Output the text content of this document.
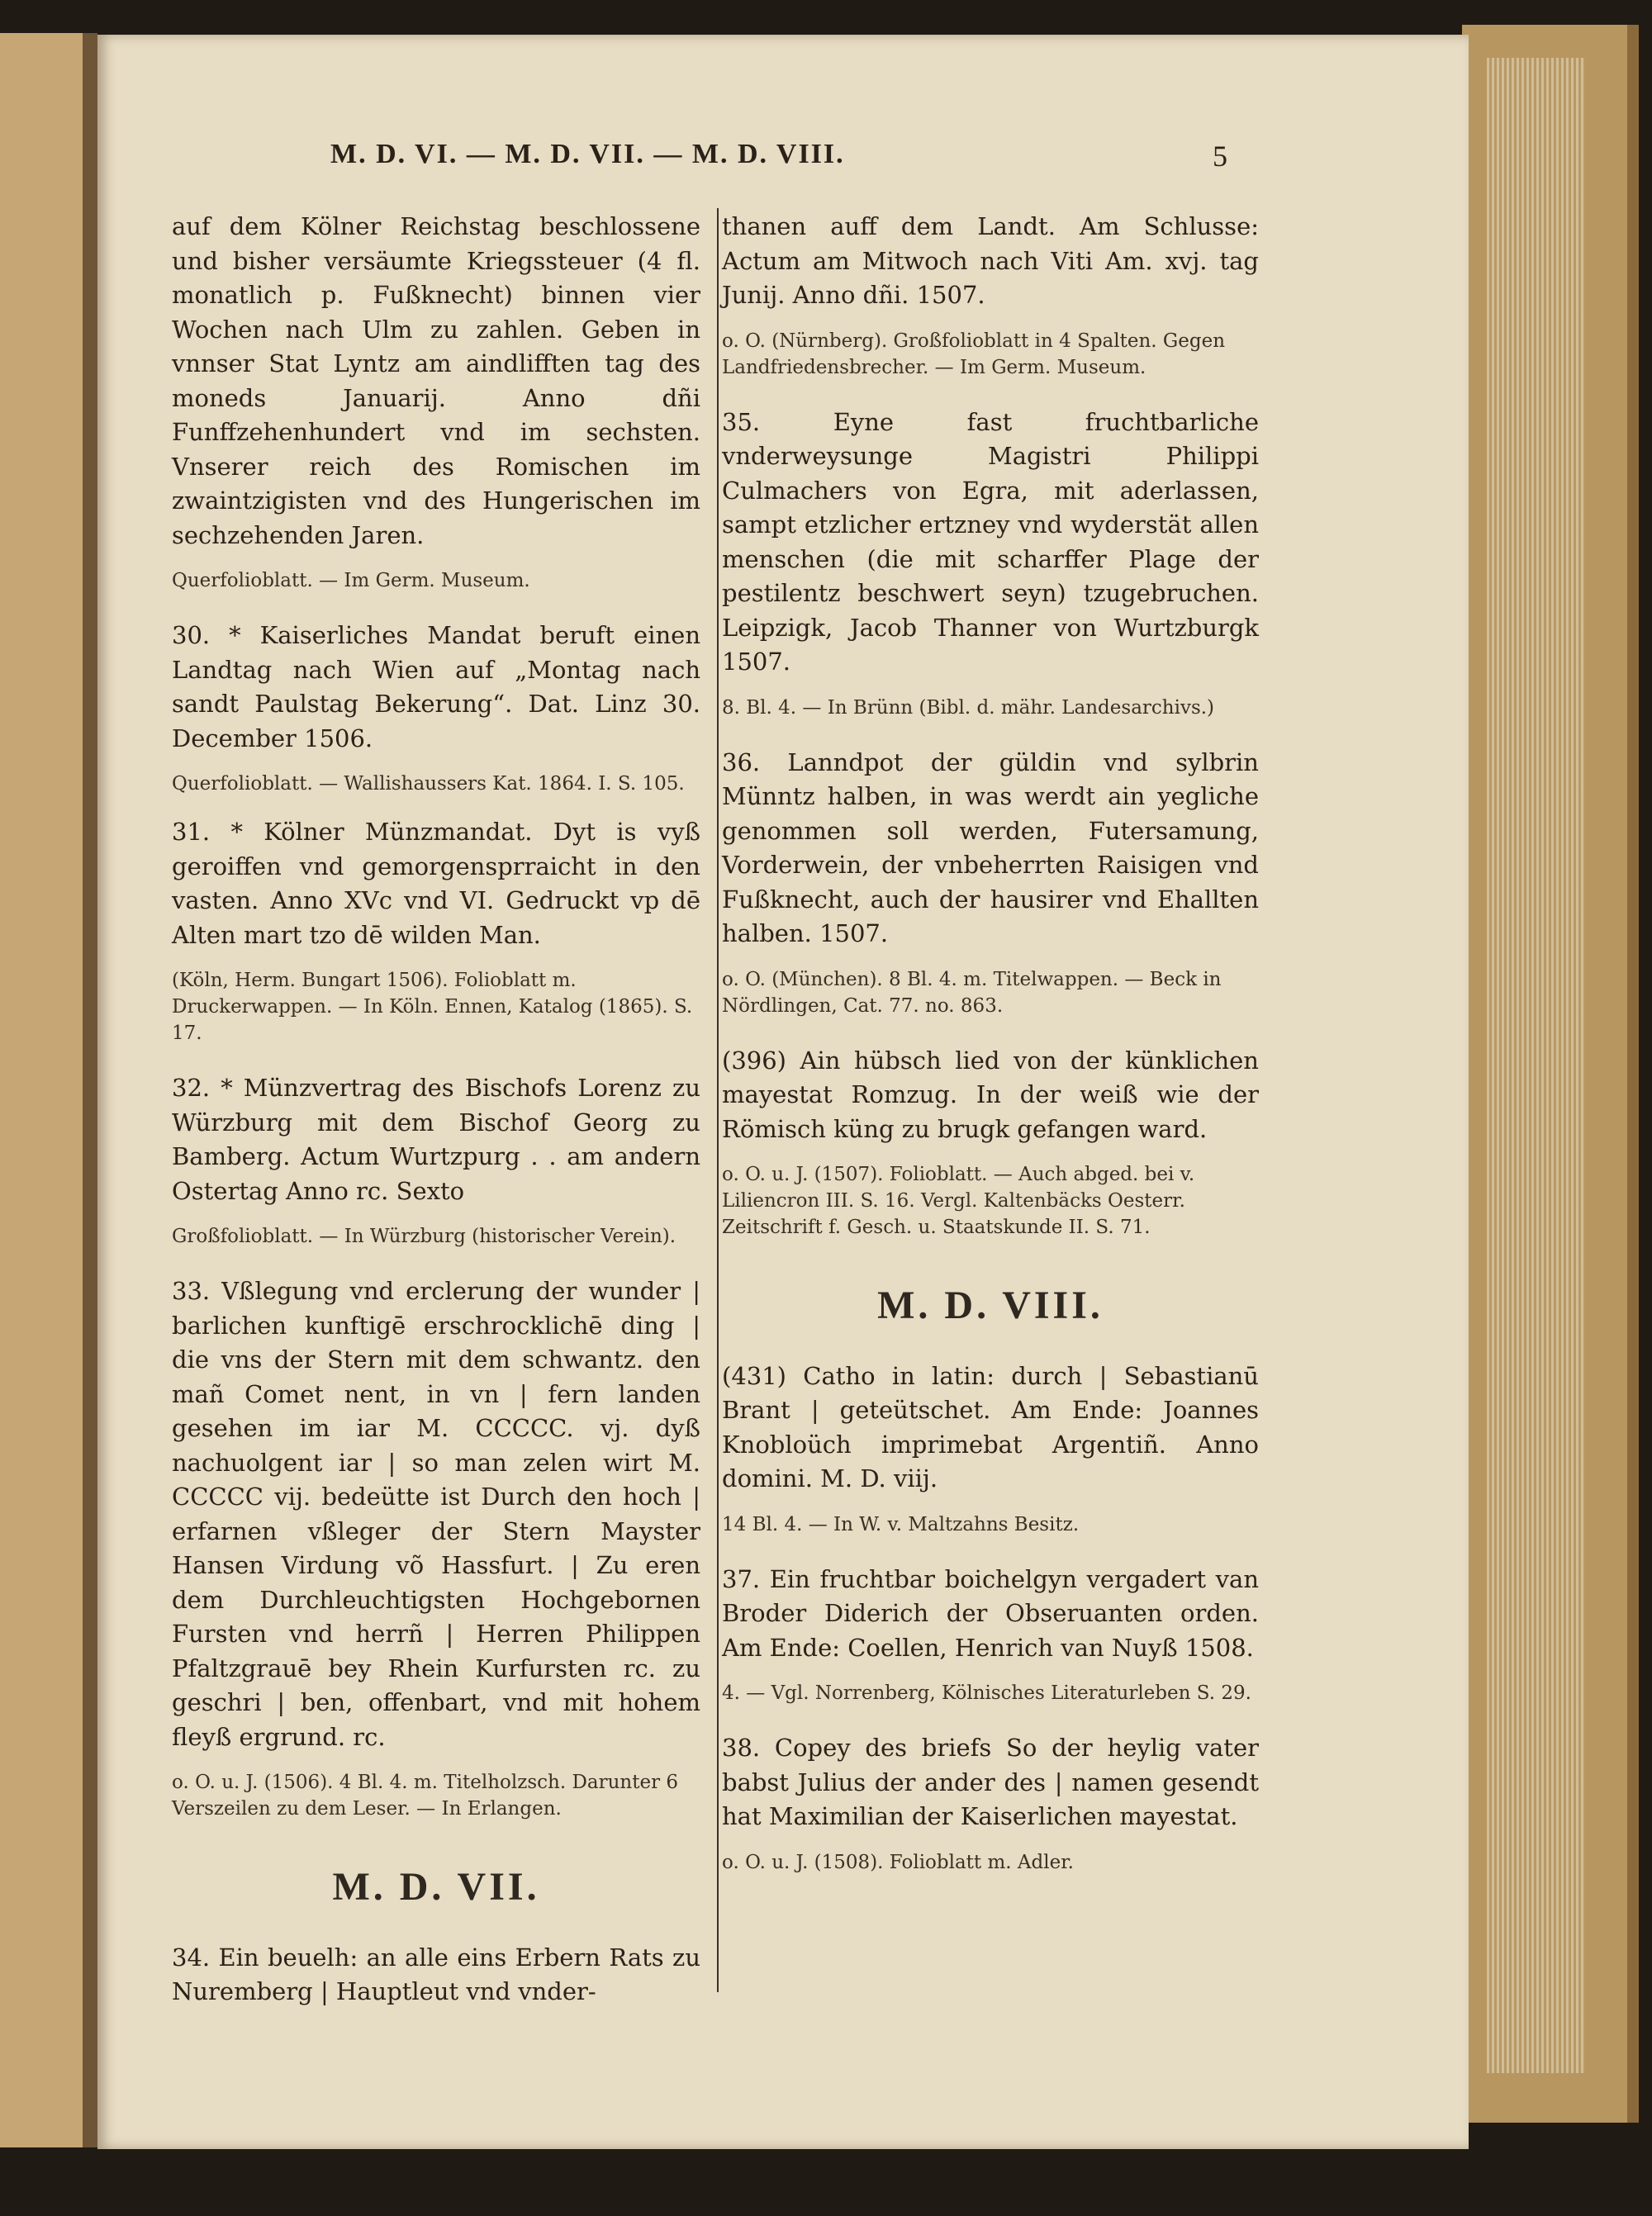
M. D. VI. — M. D. VII. — M. D. VIII.	5

auf dem Kölner Reichstag beschlossene und bisher versäumte Kriegssteuer (4 fl. monatlich p. Fußknecht) binnen vier Wochen nach Ulm zu zahlen. Geben in vnnser Stat Lyntz am aindlifften tag des moneds Januarij. Anno dñi Funffzehenhundert vnd im sechsten. Vnserer reich des Romischen im zwaintzigisten vnd des Hungerischen im sechzehenden Jaren.

Querfolioblatt. — Im Germ. Museum.

30. * Kaiserliches Mandat beruft einen Landtag nach Wien auf „Montag nach sandt Paulstag Bekerung“. Dat. Linz 30. December 1506.

Querfolioblatt. — Wallishaussers Kat. 1864. I. S. 105.

31. * Kölner Münzmandat. Dyt is vyß geroiffen vnd gemorgensprraicht in den vasten. Anno XVc vnd VI. Gedruckt vp dē Alten mart tzo dē wilden Man.

(Köln, Herm. Bungart 1506). Folioblatt m. Druckerwappen. — In Köln. Ennen, Katalog (1865). S. 17.

32. * Münzvertrag des Bischofs Lorenz zu Würzburg mit dem Bischof Georg zu Bamberg. Actum Wurtzpurg . . am andern Ostertag Anno rc. Sexto

Großfolioblatt. — In Würzburg (historischer Verein).

33. Vßlegung vnd erclerung der wunder | barlichen kunftigē erschrocklichē ding | die vns der Stern mit dem schwantz. den mañ Comet nent, in vn | fern landen gesehen im iar M. CCCCC. vj. dyß nachuolgent iar | so man zelen wirt M. CCCCC vij. bedeütte ist Durch den hoch | erfarnen vßleger der Stern Mayster Hansen Virdung võ Hassfurt. | Zu eren dem Durchleuchtigsten Hochgebornen Fursten vnd herrñ | Herren Philippen Pfaltzgrauē bey Rhein Kurfursten rc. zu geschri | ben, offenbart, vnd mit hohem fleyß ergrund. rc.

o. O. u. J. (1506). 4 Bl. 4. m. Titelholzsch. Darunter 6 Verszeilen zu dem Leser. — In Erlangen.

M. D. VII.

34. Ein beuelh: an alle eins Erbern Rats zu Nuremberg | Hauptleut vnd vnder-

thanen auff dem Landt. Am Schlusse: Actum am Mitwoch nach Viti Am. xvj. tag Junij. Anno dñi. 1507.

o. O. (Nürnberg). Großfolioblatt in 4 Spalten. Gegen Landfriedensbrecher. — Im Germ. Museum.

35. Eyne fast fruchtbarliche vnderweysunge Magistri Philippi Culmachers von Egra, mit aderlassen, sampt etzlicher ertzney vnd wyderstät allen menschen (die mit scharffer Plage der pestilentz beschwert seyn) tzugebruchen. Leipzigk, Jacob Thanner von Wurtzburgk 1507.

8. Bl. 4. — In Brünn (Bibl. d. mähr. Landesarchivs.)

36. Lanndpot der güldin vnd sylbrin Münntz halben, in was werdt ain yegliche genommen soll werden, Futersamung, Vorderwein, der vnbeherrten Raisigen vnd Fußknecht, auch der hausirer vnd Ehallten halben. 1507.

o. O. (München). 8 Bl. 4. m. Titelwappen. — Beck in Nördlingen, Cat. 77. no. 863.

(396) Ain hübsch lied von der künklichen mayestat Romzug. In der weiß wie der Römisch küng zu brugk gefangen ward.

o. O. u. J. (1507). Folioblatt. — Auch abged. bei v. Liliencron III. S. 16. Vergl. Kaltenbäcks Oesterr. Zeitschrift f. Gesch. u. Staatskunde II. S. 71.

M. D. VIII.

(431) Catho in latin: durch | Sebastianū Brant | geteütschet. Am Ende: Joannes Knobloüch imprimebat Argentiñ. Anno domini. M. D. viij.

14 Bl. 4. — In W. v. Maltzahns Besitz.

37. Ein fruchtbar boichelgyn vergadert van Broder Diderich der Obseruanten orden. Am Ende: Coellen, Henrich van Nuyß 1508.

4. — Vgl. Norrenberg, Kölnisches Literaturleben S. 29.

38. Copey des briefs So der heylig vater babst Julius der ander des | namen gesendt hat Maximilian der Kaiserlichen mayestat.

o. O. u. J. (1508). Folioblatt m. Adler.
